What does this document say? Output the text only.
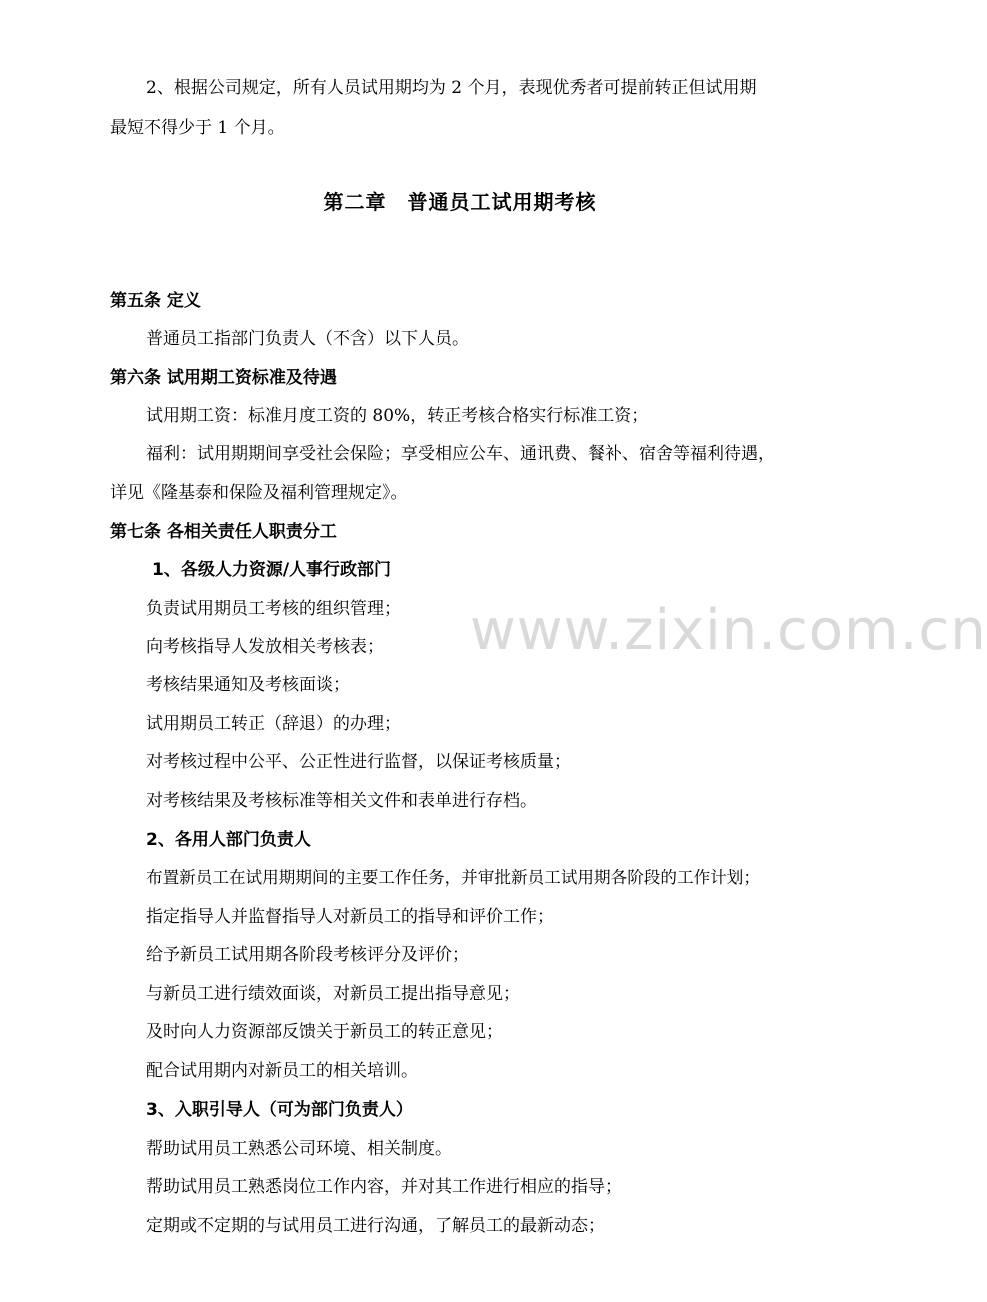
2、根据公司规定，所有人员试用期均为 2 个月，表现优秀者可提前转正但试用期
最短不得少于 1 个月。
第二章　普通员工试用期考核
第五条 定义
普通员工指部门负责人（不含）以下人员。
第六条 试用期工资标准及待遇
试用期工资：标准月度工资的 80%，转正考核合格实行标准工资；
福利：试用期期间享受社会保险；享受相应公车、通讯费、餐补、宿舍等福利待遇，
详见《隆基泰和保险及福利管理规定》。
第七条 各相关责任人职责分工
1、各级人力资源/人事行政部门
负责试用期员工考核的组织管理；
向考核指导人发放相关考核表；
考核结果通知及考核面谈；
试用期员工转正（辞退）的办理；
对考核过程中公平、公正性进行监督，以保证考核质量；
对考核结果及考核标准等相关文件和表单进行存档。
2、各用人部门负责人
布置新员工在试用期期间的主要工作任务，并审批新员工试用期各阶段的工作计划；
指定指导人并监督指导人对新员工的指导和评价工作；
给予新员工试用期各阶段考核评分及评价；
与新员工进行绩效面谈，对新员工提出指导意见；
及时向人力资源部反馈关于新员工的转正意见；
配合试用期内对新员工的相关培训。
3、入职引导人（可为部门负责人）
帮助试用员工熟悉公司环境、相关制度。
帮助试用员工熟悉岗位工作内容，并对其工作进行相应的指导；
定期或不定期的与试用员工进行沟通，了解员工的最新动态；
www.zixin.com.cn
